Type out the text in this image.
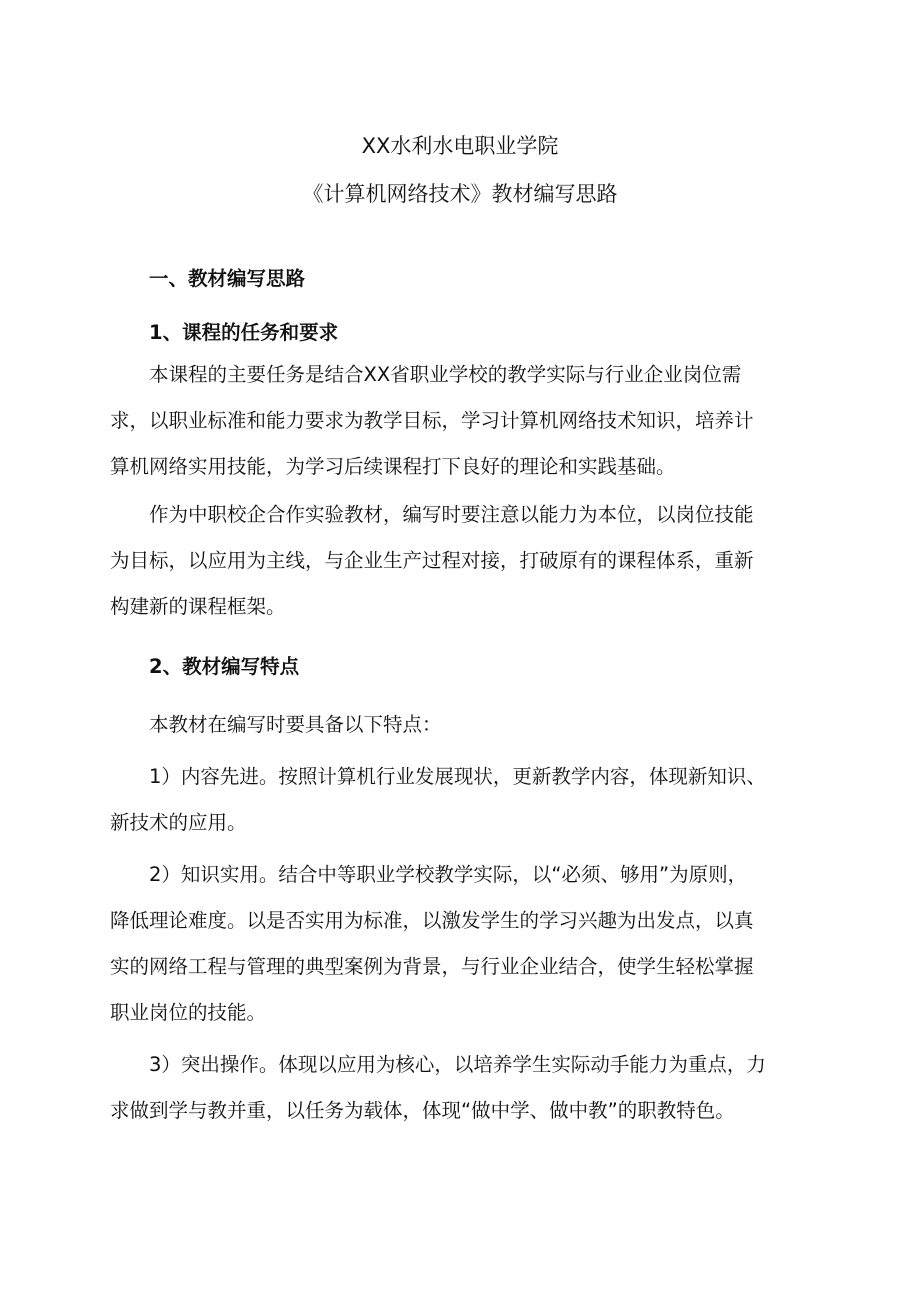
XX水利水电职业学院
《计算机网络技术》教材编写思路
一、教材编写思路
1、课程的任务和要求
本课程的主要任务是结合XX省职业学校的教学实际与行业企业岗位需
求，以职业标准和能力要求为教学目标，学习计算机网络技术知识，培养计
算机网络实用技能，为学习后续课程打下良好的理论和实践基础。
作为中职校企合作实验教材，编写时要注意以能力为本位，以岗位技能
为目标，以应用为主线，与企业生产过程对接，打破原有的课程体系，重新
构建新的课程框架。
2、教材编写特点
本教材在编写时要具备以下特点：
1）内容先进。按照计算机行业发展现状，更新教学内容，体现新知识、
新技术的应用。
2）知识实用。结合中等职业学校教学实际，以“必须、够用”为原则，
降低理论难度。以是否实用为标准，以激发学生的学习兴趣为出发点，以真
实的网络工程与管理的典型案例为背景，与行业企业结合，使学生轻松掌握
职业岗位的技能。
3）突出操作。体现以应用为核心，以培养学生实际动手能力为重点，力
求做到学与教并重，以任务为载体，体现“做中学、做中教”的职教特色。
